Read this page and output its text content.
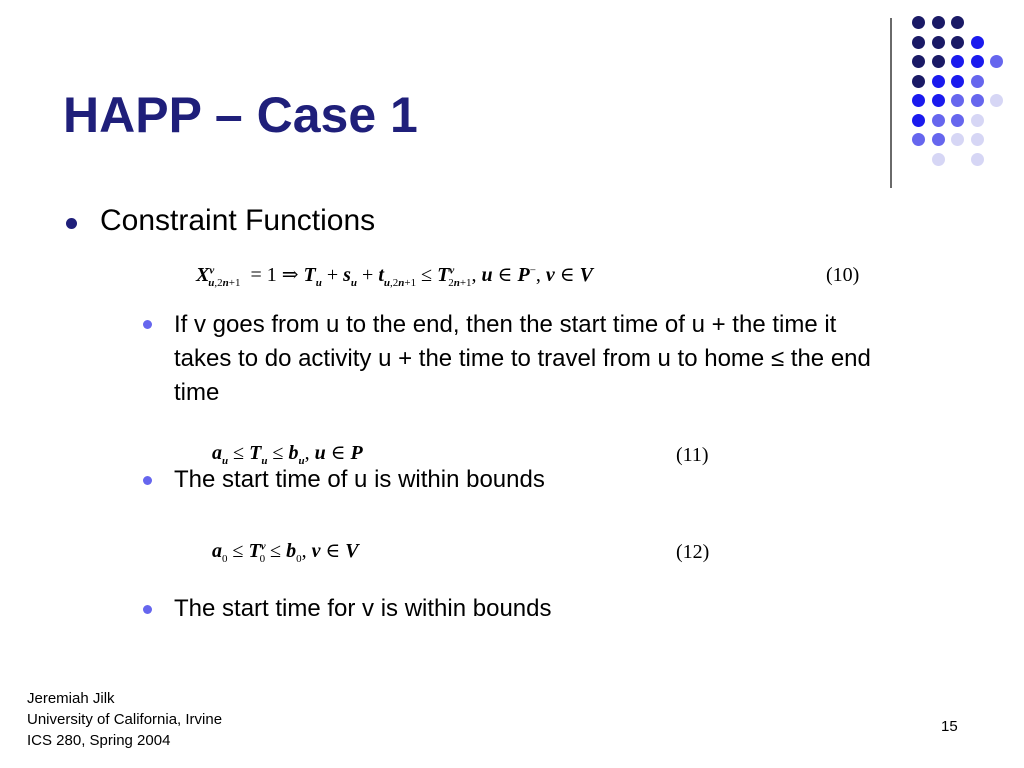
HAPP – Case 1
Constraint Functions
$X^v_{u,2n+1} = 1$ ⇒ $T_u + s_u + t_{u,2n+1} \le T^v_{2n+1}$, u ∈ P−, v ∈ V	(10)
If v goes from u to the end, then the start time of u + the time it takes to do activity u + the time to travel from u to home ≤ the end time
$a_u \le T_u \le b_u$, u ∈ P	(11)
The start time of u is within bounds
$a_0 \le T^v_0 \le b_0$, v ∈ V	(12)
The start time for v is within bounds
Jeremiah Jilk
University of California, Irvine
ICS 280, Spring 2004
15
